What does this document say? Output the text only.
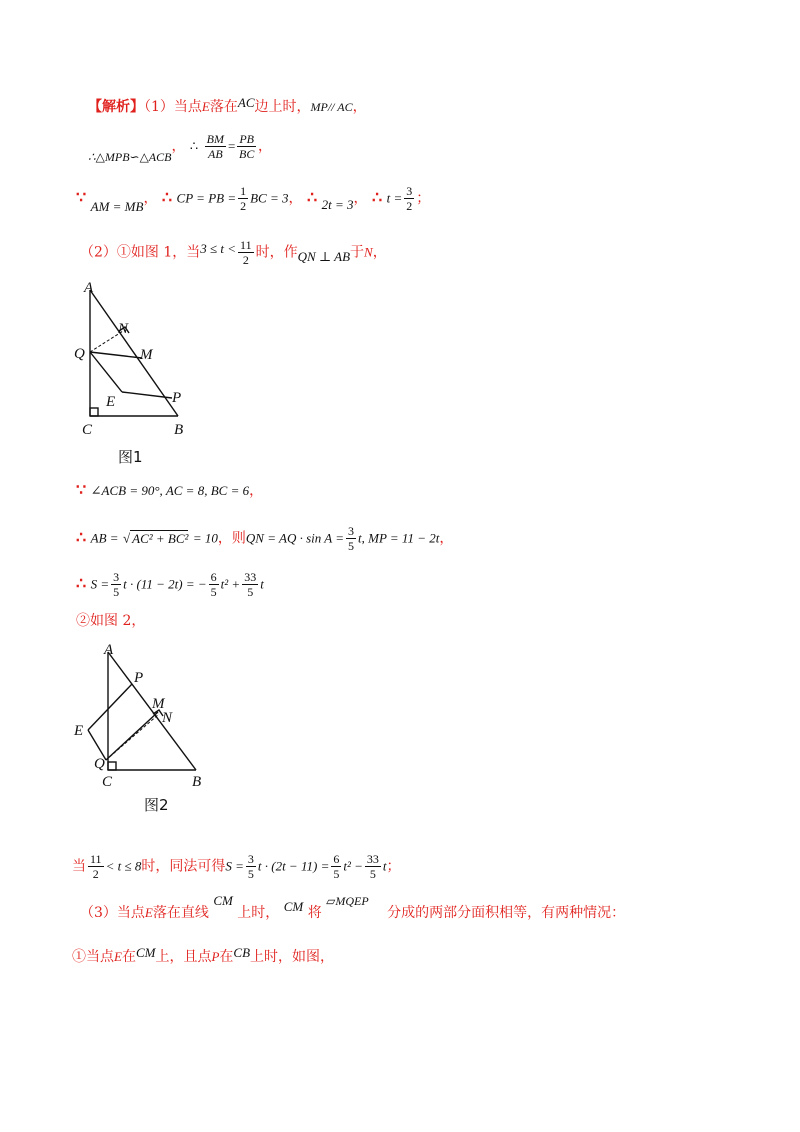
【解析】（1）当点E落在AC边上时，MP// AC，
∴△MPB∽△ACB， ∴ $\frac{BM}{AB} = \frac{PB}{BC}$ ，
∵ AM = MB， ∴ CP = PB = $\frac{1}{2}$ BC = 3， ∴ 2t = 3， ∴ $t = \frac{3}{2}$ ；
（2）①如图 1，当$3 \le t < \frac{11}{2}$ 时，作QN ⊥ AB于N，
A
N
Q	M
E	P
C	B
图1
∵ ∠ACB = 90°, AC = 8, BC = 6，
∴ AB = √ AC² + BC² = 10，则QN = AQ · $\sin A = \frac{3}{5} t$, MP = 11 − 2t，
∴ $S = \frac{3}{5}$ t · (11 − 2t) = − $\frac{6}{5} t^2 + \frac{33}{5}$ t
②如图 2，
A
P
M
N
E
Q
C	B
图2
当 $\frac{11}{2} < t \le 8$时，同法可得$S = \frac{3}{5}$ $t \cdot (2t - 11) = \frac{6}{5} t^2 - \frac{33}{5}$ t；
（3）当点E落在直线 CM 上时， CM 将 ▱MQEP 分成的两部分面积相等，有两种情况：
①当点E在CM上，且点P在CB上时，如图，
